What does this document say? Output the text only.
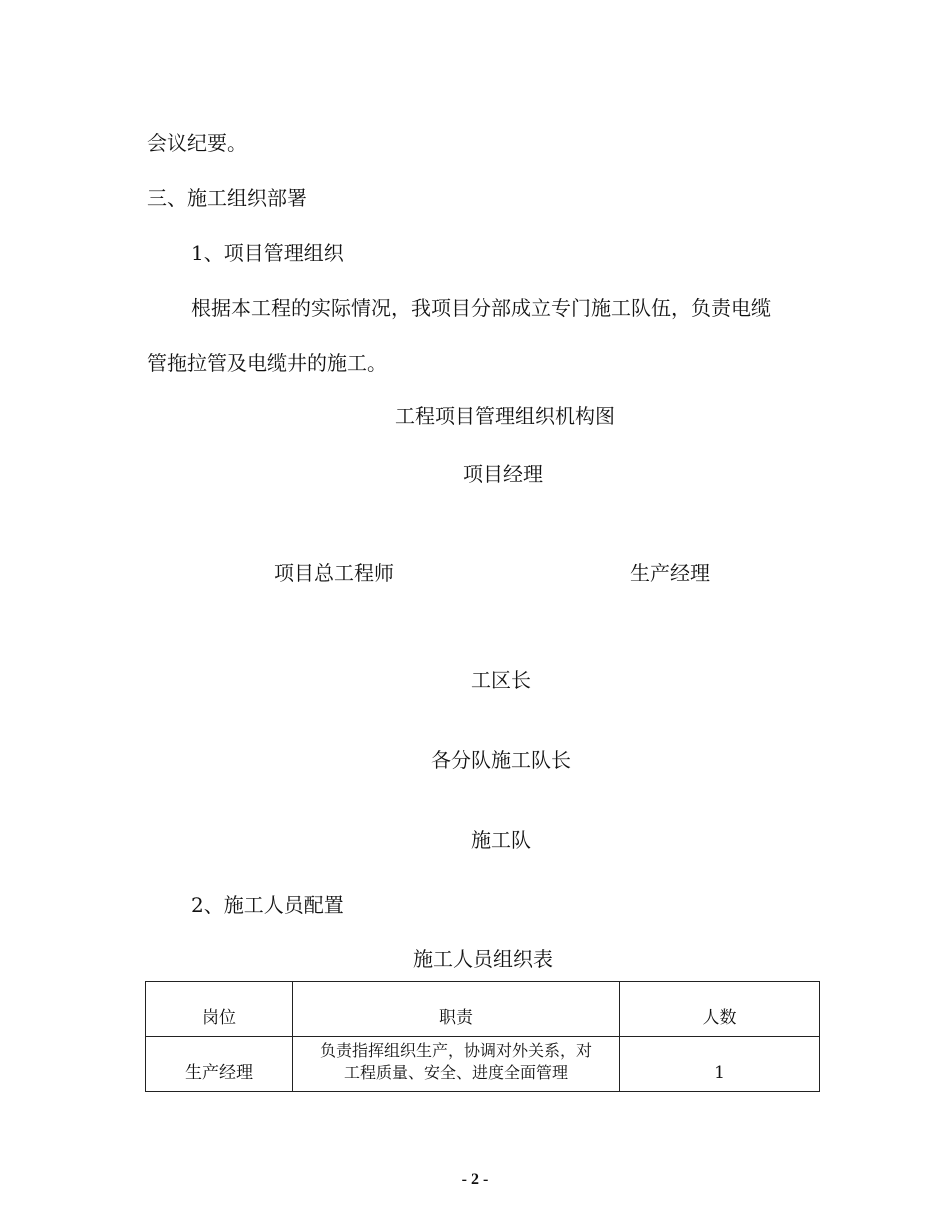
会议纪要。
三、施工组织部署
1、项目管理组织
根据本工程的实际情况，我项目分部成立专门施工队伍，负责电缆
管拖拉管及电缆井的施工。
工程项目管理组织机构图
项目经理
项目总工程师	生产经理
工区长
各分队施工队长
施工队
2、施工人员配置
施工人员组织表
岗位	职责	人数
生产经理	负责指挥组织生产，协调对外关系，对
工程质量、安全、进度全面管理	1
- 2 -
